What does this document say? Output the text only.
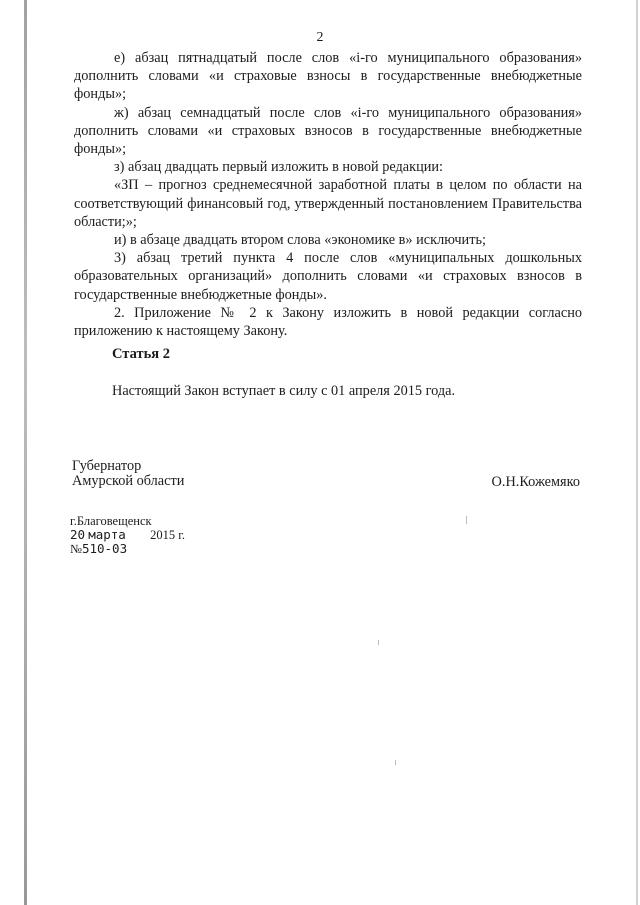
2

е) абзац пятнадцатый после слов «i-го муниципального образования» дополнить словами «и страховые взносы в государственные внебюджетные фонды»;

ж) абзац семнадцатый после слов «i-го муниципального образования» дополнить словами «и страховых взносов в государственные внебюджетные фонды»;

з) абзац двадцать первый изложить в новой редакции:

«ЗП – прогноз среднемесячной заработной платы в целом по области на соответствующий финансовый год, утвержденный постановлением Правительства области;»;

и) в абзаце двадцать втором слова «экономике в» исключить;

3) абзац третий пункта 4 после слов «муниципальных дошкольных образовательных организаций» дополнить словами «и страховых взносов в государственные внебюджетные фонды».

2. Приложение № 2 к Закону изложить в новой редакции согласно приложению к настоящему Закону.

Статья 2
Настоящий Закон вступает в силу с 01 апреля 2015 года.
Губернатор
Амурской области	О.Н.Кожемяко
г.Благовещенск
20 марта 2015 г.
№510-03
